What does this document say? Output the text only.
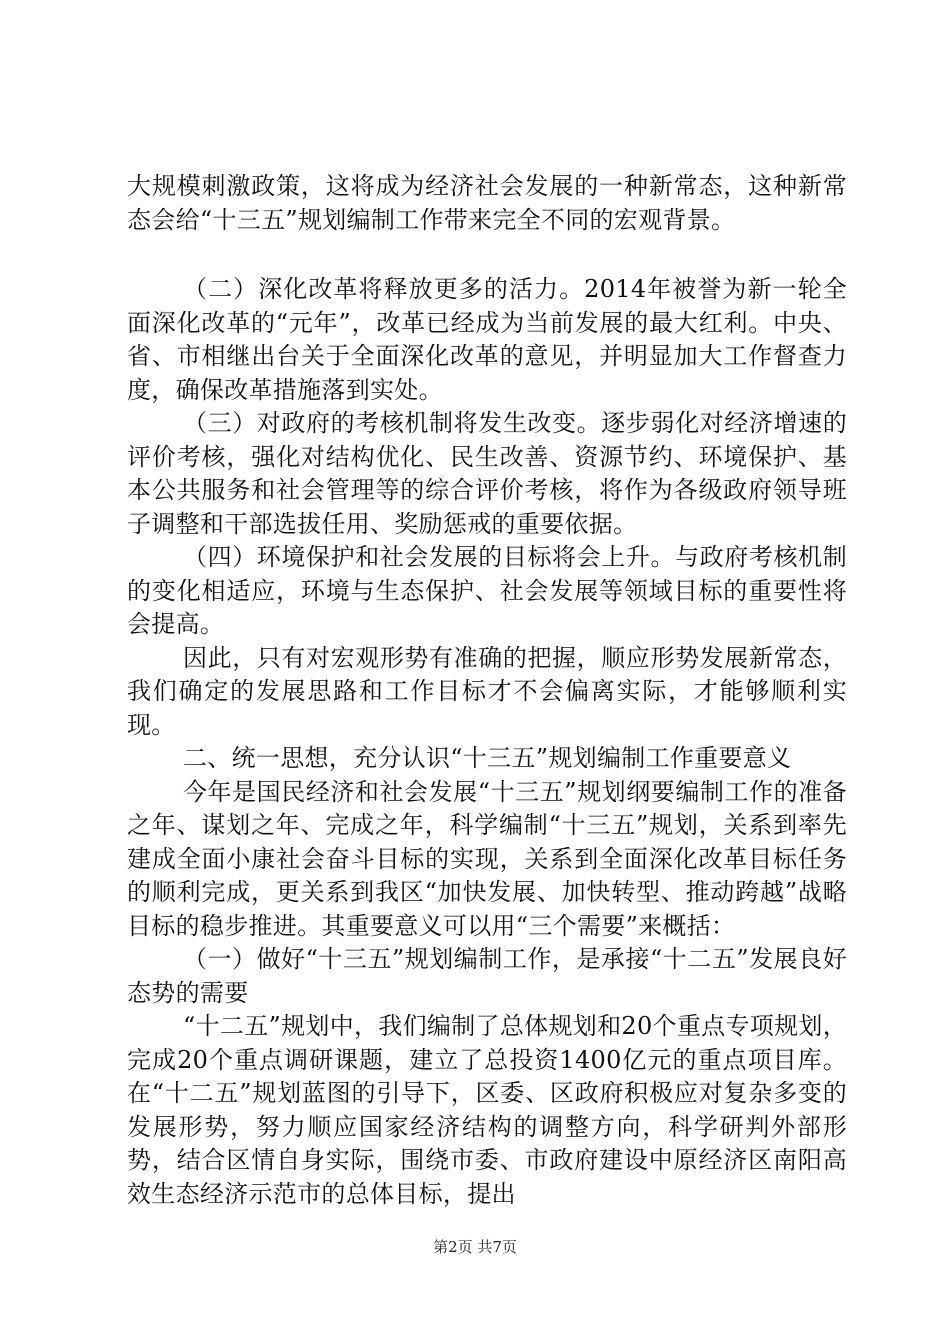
大规模刺激政策，这将成为经济社会发展的一种新常态，这种新常态会给“十三五”规划编制工作带来完全不同的宏观背景。

（二）深化改革将释放更多的活力。2014年被誉为新一轮全面深化改革的“元年”，改革已经成为当前发展的最大红利。中央、省、市相继出台关于全面深化改革的意见，并明显加大工作督查力度，确保改革措施落到实处。

（三）对政府的考核机制将发生改变。逐步弱化对经济增速的评价考核，强化对结构优化、民生改善、资源节约、环境保护、基本公共服务和社会管理等的综合评价考核，将作为各级政府领导班子调整和干部选拔任用、奖励惩戒的重要依据。

（四）环境保护和社会发展的目标将会上升。与政府考核机制的变化相适应，环境与生态保护、社会发展等领域目标的重要性将会提高。

因此，只有对宏观形势有准确的把握，顺应形势发展新常态，我们确定的发展思路和工作目标才不会偏离实际，才能够顺利实现。

二、统一思想，充分认识“十三五”规划编制工作重要意义

今年是国民经济和社会发展“十三五”规划纲要编制工作的准备之年、谋划之年、完成之年，科学编制“十三五”规划，关系到率先建成全面小康社会奋斗目标的实现，关系到全面深化改革目标任务的顺利完成，更关系到我区“加快发展、加快转型、推动跨越”战略目标的稳步推进。其重要意义可以用“三个需要”来概括：

（一）做好“十三五”规划编制工作，是承接“十二五”发展良好态势的需要

“十二五”规划中，我们编制了总体规划和20个重点专项规划，完成20个重点调研课题，建立了总投资1400亿元的重点项目库。在“十二五”规划蓝图的引导下，区委、区政府积极应对复杂多变的发展形势，努力顺应国家经济结构的调整方向，科学研判外部形势，结合区情自身实际，围绕市委、市政府建设中原经济区南阳高效生态经济示范市的总体目标，提出

第2页 共7页
